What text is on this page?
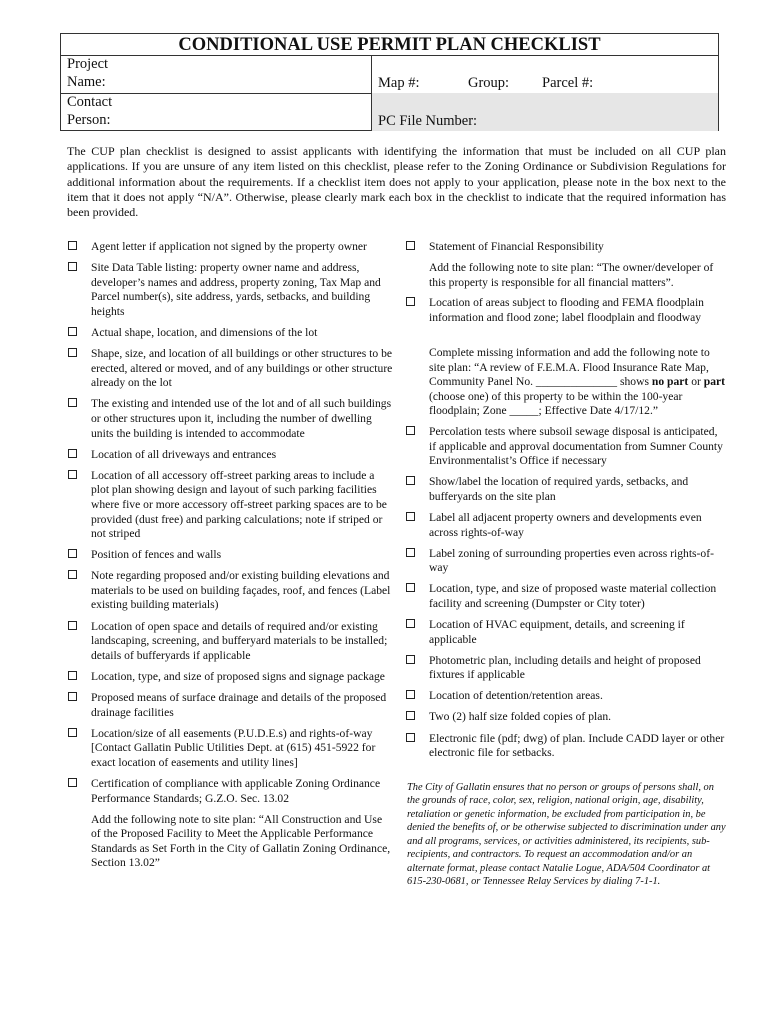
CONDITIONAL USE PERMIT PLAN CHECKLIST
Project
Name:	Map #:	Group: Parcel #:
Contact
Person:	PC File Number:
The CUP plan checklist is designed to assist applicants with identifying the information that must be included on all CUP plan applications. If you are unsure of any item listed on this checklist, please refer to the Zoning Ordinance or Subdivision Regulations for additional information about the requirements. If a checklist item does not apply to your application, please note in the box next to the item that it does not apply “N/A”. Otherwise, please clearly mark each box in the checklist to indicate that the required information has been provided.
Agent letter if application not signed by the property owner
Site Data Table listing: property owner name and address, developer’s names and address, property zoning, Tax Map and Parcel number(s), site address, yards, setbacks, and building heights
Actual shape, location, and dimensions of the lot
Shape, size, and location of all buildings or other structures to be erected, altered or moved, and of any buildings or other structure already on the lot
The existing and intended use of the lot and of all such buildings or other structures upon it, including the number of dwelling units the building is intended to accommodate
Location of all driveways and entrances
Location of all accessory off-street parking areas to include a plot plan showing design and layout of such parking facilities where five or more accessory off-street parking spaces are to be provided (dust free) and parking calculations; note if striped or not striped
Position of fences and walls
Note regarding proposed and/or existing building elevations and materials to be used on building façades, roof, and fences (Label existing building materials)
Location of open space and details of required and/or existing landscaping, screening, and bufferyard materials to be installed; details of bufferyards if applicable
Location, type, and size of proposed signs and signage package
Proposed means of surface drainage and details of the proposed drainage facilities
Location/size of all easements (P.U.D.E.s) and rights-of-way [Contact Gallatin Public Utilities Dept. at (615) 451-5922 for exact location of easements and utility lines]
Certification of compliance with applicable Zoning Ordinance Performance Standards; G.Z.O. Sec. 13.02
Add the following note to site plan: “All Construction and Use of the Proposed Facility to Meet the Applicable Performance Standards as Set Forth in the City of Gallatin Zoning Ordinance, Section 13.02”
Statement of Financial Responsibility
Add the following note to site plan: “The owner/developer of this property is responsible for all financial matters”.
Location of areas subject to flooding and FEMA floodplain information and flood zone; label floodplain and floodway
Complete missing information and add the following note to site plan: “A review of F.E.M.A. Flood Insurance Rate Map, Community Panel No. ______________ shows no part or part (choose one) of this property to be within the 100-year floodplain; Zone _____; Effective Date 4/17/12.”
Percolation tests where subsoil sewage disposal is anticipated, if applicable and approval documentation from Sumner County Environmentalist’s Office if necessary
Show/label the location of required yards, setbacks, and bufferyards on the site plan
Label all adjacent property owners and developments even across rights-of-way
Label zoning of surrounding properties even across rights-of-way
Location, type, and size of proposed waste material collection facility and screening (Dumpster or City toter)
Location of HVAC equipment, details, and screening if applicable
Photometric plan, including details and height of proposed fixtures if applicable
Location of detention/retention areas.
Two (2) half size folded copies of plan.
Electronic file (pdf; dwg) of plan. Include CADD layer or other electronic file for setbacks.
The City of Gallatin ensures that no person or groups of persons shall, on the grounds of race, color, sex, religion, national origin, age, disability, retaliation or genetic information, be excluded from participation in, be denied the benefits of, or be otherwise subjected to discrimination under any and all programs, services, or activities administered, its recipients, sub-recipients, and contractors. To request an accommodation and/or an alternate format, please contact Natalie Logue, ADA/504 Coordinator at 615-230-0681, or Tennessee Relay Services by dialing 7-1-1.
